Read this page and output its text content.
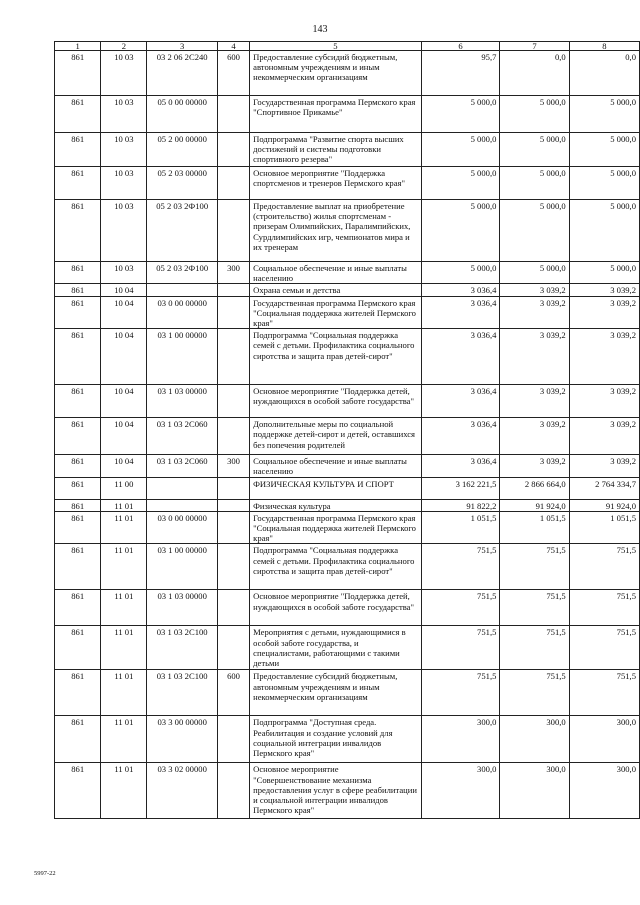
143
1	2	3	4	5	6	7	8
861	10 03	03 2 06 2С240	600	Предоставление субсидий бюджетным, автономным учреждениям и иным некоммерческим организациям	95,7	0,0	0,0
861	10 03	05 0 00 00000		Государственная программа Пермского края "Спортивное Прикамье"	5 000,0	5 000,0	5 000,0
861	10 03	05 2 00 00000		Подпрограмма "Развитие спорта высших достижений и системы подготовки спортивного резерва"	5 000,0	5 000,0	5 000,0
861	10 03	05 2 03 00000		Основное мероприятие "Поддержка спортсменов и тренеров Пермского края"	5 000,0	5 000,0	5 000,0
861	10 03	05 2 03 2Ф100		Предоставление выплат на приобретение (строительство) жилья спортсменам - призерам Олимпийских, Паралимпийских, Сурдлимпийских игр, чемпионатов мира и их тренерам	5 000,0	5 000,0	5 000,0
861	10 03	05 2 03 2Ф100	300	Социальное обеспечение и иные выплаты населению	5 000,0	5 000,0	5 000,0
861	10 04			Охрана семьи и детства	3 036,4	3 039,2	3 039,2
861	10 04	03 0 00 00000		Государственная программа Пермского края "Социальная поддержка жителей Пермского края"	3 036,4	3 039,2	3 039,2
861	10 04	03 1 00 00000		Подпрограмма "Социальная поддержка семей с детьми. Профилактика социального сиротства и защита прав детей-сирот"	3 036,4	3 039,2	3 039,2
861	10 04	03 1 03 00000		Основное мероприятие "Поддержка детей, нуждающихся в особой заботе государства"	3 036,4	3 039,2	3 039,2
861	10 04	03 1 03 2С060		Дополнительные меры по социальной поддержке детей-сирот и детей, оставшихся без попечения родителей	3 036,4	3 039,2	3 039,2
861	10 04	03 1 03 2С060	300	Социальное обеспечение и иные выплаты населению	3 036,4	3 039,2	3 039,2
861	11 00			ФИЗИЧЕСКАЯ КУЛЬТУРА И СПОРТ	3 162 221,5	2 866 664,0	2 764 334,7
861	11 01			Физическая культура	91 822,2	91 924,0	91 924,0
861	11 01	03 0 00 00000		Государственная программа Пермского края "Социальная поддержка жителей Пермского края"	1 051,5	1 051,5	1 051,5
861	11 01	03 1 00 00000		Подпрограмма "Социальная поддержка семей с детьми. Профилактика социального сиротства и защита прав детей-сирот"	751,5	751,5	751,5
861	11 01	03 1 03 00000		Основное мероприятие "Поддержка детей, нуждающихся в особой заботе государства"	751,5	751,5	751,5
861	11 01	03 1 03 2С100		Мероприятия с детьми, нуждающимися в особой заботе государства, и специалистами, работающими с такими детьми	751,5	751,5	751,5
861	11 01	03 1 03 2С100	600	Предоставление субсидий бюджетным, автономным учреждениям и иным некоммерческим организациям	751,5	751,5	751,5
861	11 01	03 3 00 00000		Подпрограмма "Доступная среда. Реабилитация и создание условий для социальной интеграции инвалидов Пермского края"	300,0	300,0	300,0
861	11 01	03 3 02 00000		Основное мероприятие "Совершенствование механизма предоставления услуг в сфере реабилитации и социальной интеграции инвалидов Пермского края"	300,0	300,0	300,0
5997-22
